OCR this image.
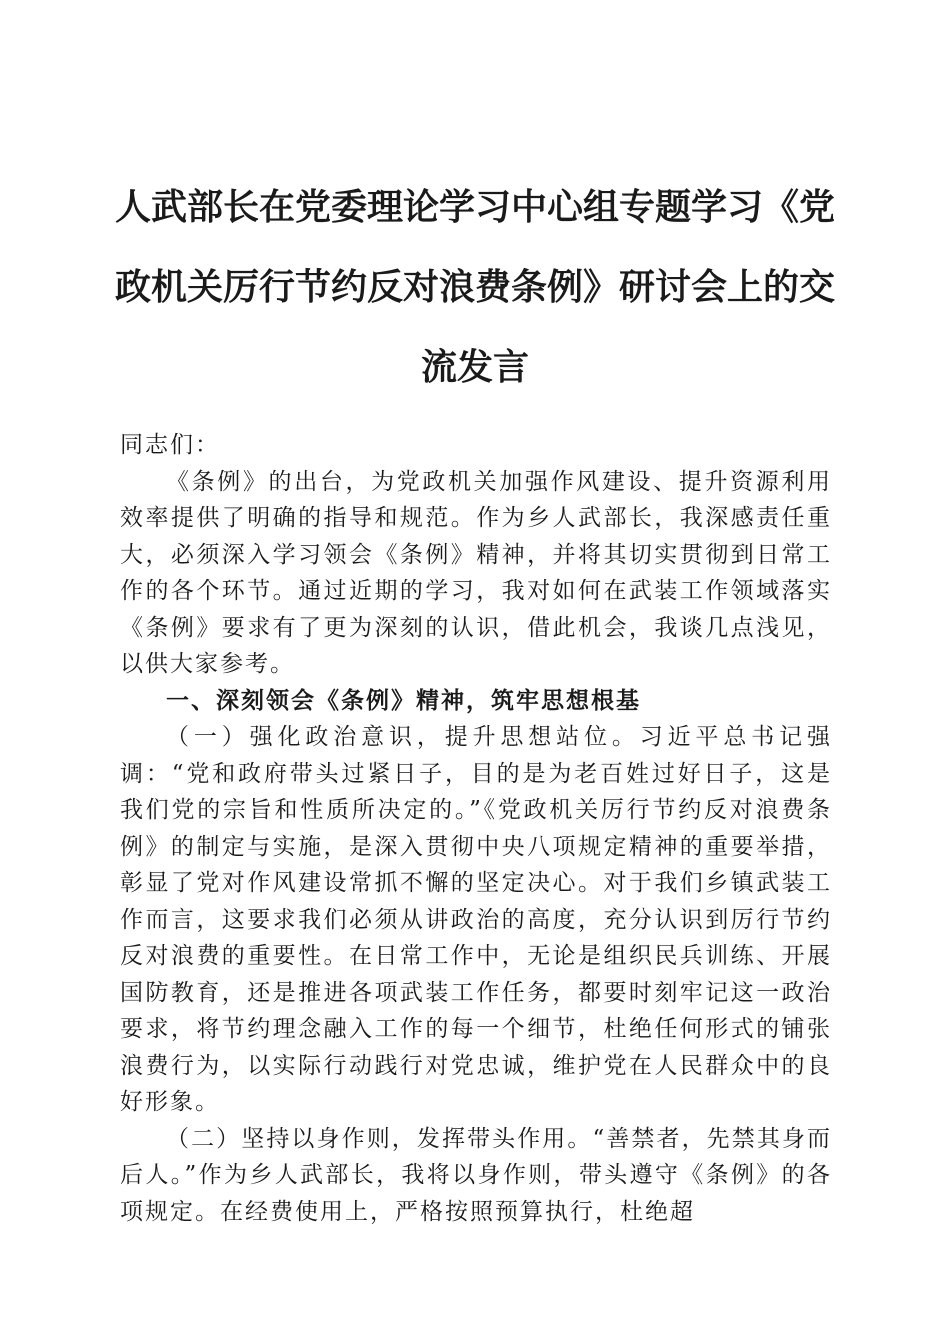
人武部长在党委理论学习中心组专题学习《党
政机关厉行节约反对浪费条例》研讨会上的交
流发言

同志们：

《条例》的出台，为党政机关加强作风建设、提升资源利用效率提供了明确的指导和规范。作为乡人武部长，我深感责任重大，必须深入学习领会《条例》精神，并将其切实贯彻到日常工作的各个环节。通过近期的学习，我对如何在武装工作领域落实《条例》要求有了更为深刻的认识，借此机会，我谈几点浅见，以供大家参考。

一、深刻领会《条例》精神，筑牢思想根基

（一）强化政治意识，提升思想站位。习近平总书记强调：“党和政府带头过紧日子，目的是为老百姓过好日子，这是我们党的宗旨和性质所决定的。”《党政机关厉行节约反对浪费条例》的制定与实施，是深入贯彻中央八项规定精神的重要举措，彰显了党对作风建设常抓不懈的坚定决心。对于我们乡镇武装工作而言，这要求我们必须从讲政治的高度，充分认识到厉行节约反对浪费的重要性。在日常工作中，无论是组织民兵训练、开展国防教育，还是推进各项武装工作任务，都要时刻牢记这一政治要求，将节约理念融入工作的每一个细节，杜绝任何形式的铺张浪费行为，以实际行动践行对党忠诚，维护党在人民群众中的良好形象。

（二）坚持以身作则，发挥带头作用。“善禁者，先禁其身而后人。”作为乡人武部长，我将以身作则，带头遵守《条例》的各项规定。在经费使用上，严格按照预算执行，杜绝超
